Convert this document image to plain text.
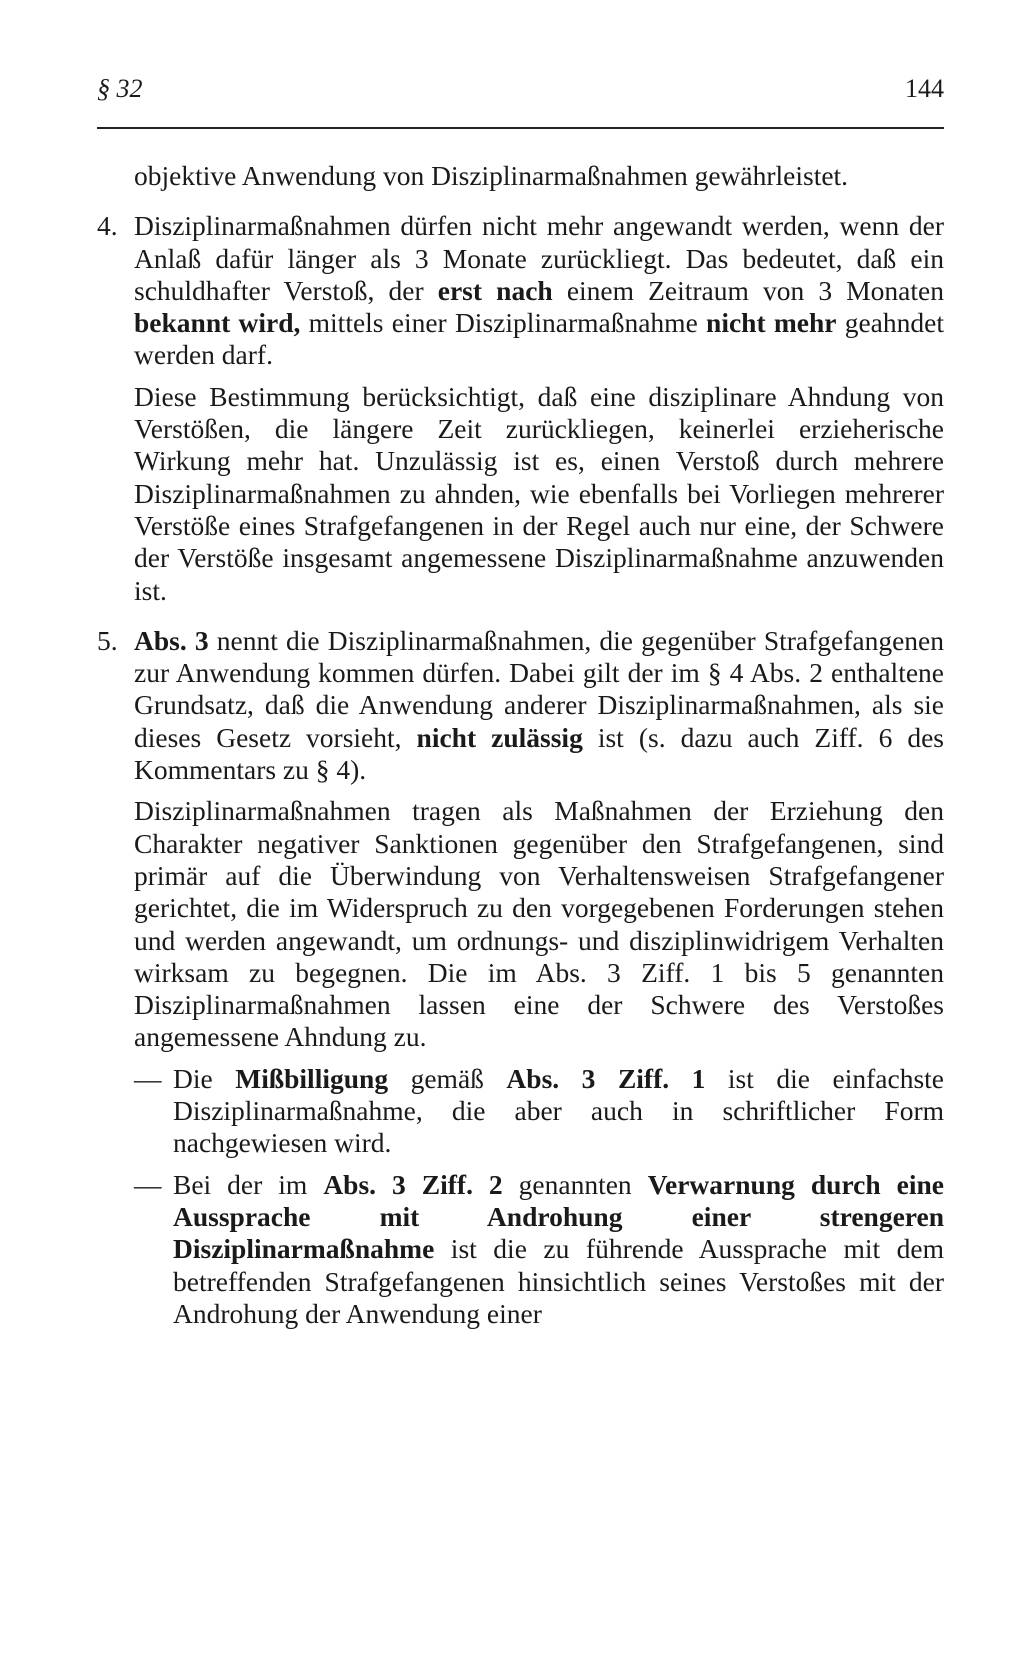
§ 32	144

objektive Anwendung von Disziplinarmaßnahmen gewährleistet.

4. Disziplinarmaßnahmen dürfen nicht mehr angewandt werden, wenn der Anlaß dafür länger als 3 Monate zurückliegt. Das bedeutet, daß ein schuldhafter Verstoß, der erst nach einem Zeitraum von 3 Monaten bekannt wird, mittels einer Disziplinarmaßnahme nicht mehr geahndet werden darf.

Diese Bestimmung berücksichtigt, daß eine disziplinare Ahndung von Verstößen, die längere Zeit zurückliegen, keinerlei erzieherische Wirkung mehr hat. Unzulässig ist es, einen Verstoß durch mehrere Disziplinarmaßnahmen zu ahnden, wie ebenfalls bei Vorliegen mehrerer Verstöße eines Strafgefangenen in der Regel auch nur eine, der Schwere der Verstöße insgesamt angemessene Disziplinarmaßnahme anzuwenden ist.

5. Abs. 3 nennt die Disziplinarmaßnahmen, die gegenüber Strafgefangenen zur Anwendung kommen dürfen. Dabei gilt der im § 4 Abs. 2 enthaltene Grundsatz, daß die Anwendung anderer Disziplinarmaßnahmen, als sie dieses Gesetz vorsieht, nicht zulässig ist (s. dazu auch Ziff. 6 des Kommentars zu § 4).

Disziplinarmaßnahmen tragen als Maßnahmen der Erziehung den Charakter negativer Sanktionen gegenüber den Strafgefangenen, sind primär auf die Überwindung von Verhaltensweisen Strafgefangener gerichtet, die im Widerspruch zu den vorgegebenen Forderungen stehen und werden angewandt, um ordnungs- und disziplinwidrigem Verhalten wirksam zu begegnen. Die im Abs. 3 Ziff. 1 bis 5 genannten Disziplinarmaßnahmen lassen eine der Schwere des Verstoßes angemessene Ahndung zu.

— Die Mißbilligung gemäß Abs. 3 Ziff. 1 ist die einfachste Disziplinarmaßnahme, die aber auch in schriftlicher Form nachgewiesen wird.

— Bei der im Abs. 3 Ziff. 2 genannten Verwarnung durch eine Aussprache mit Androhung einer strengeren Disziplinarmaßnahme ist die zu führende Aussprache mit dem betreffenden Strafgefangenen hinsichtlich seines Verstoßes mit der Androhung der Anwendung einer
